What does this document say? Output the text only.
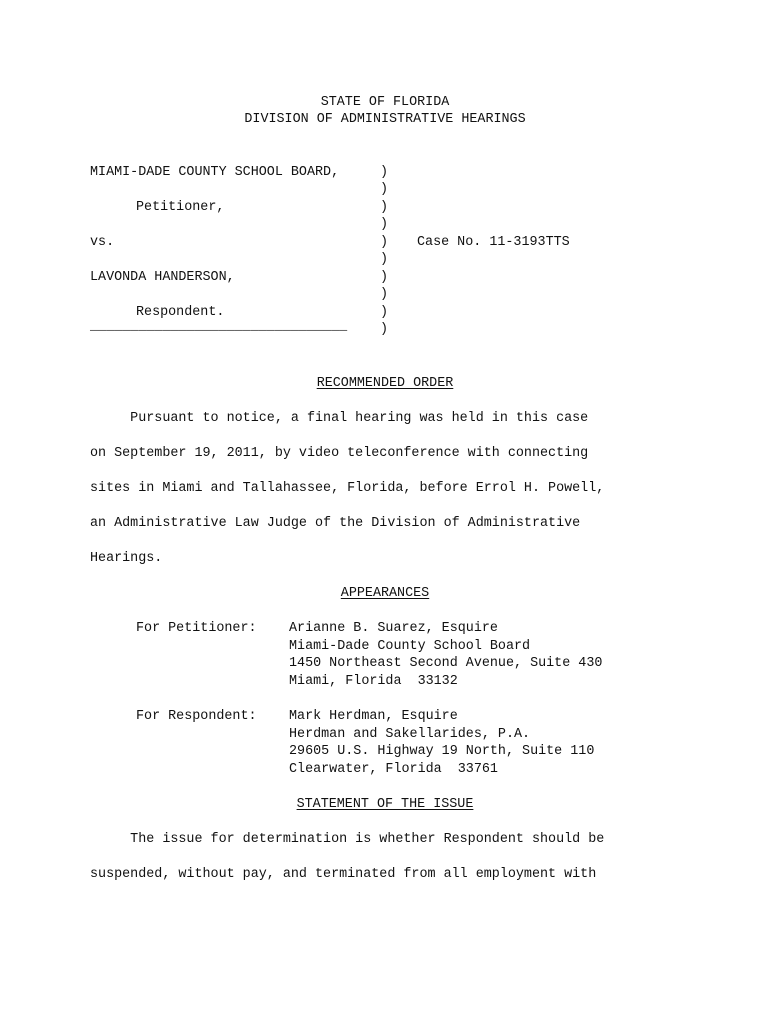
STATE OF FLORIDA
DIVISION OF ADMINISTRATIVE HEARINGS
MIAMI-DADE COUNTY SCHOOL BOARD,
Petitioner,
vs.
LAVONDA HANDERSON,
Respondent.
________________________________
)
)
)
)
)
)
)
)
)
)
Case No. 11-3193TTS
RECOMMENDED ORDER
Pursuant to notice, a final hearing was held in this case
on September 19, 2011, by video teleconference with connecting
sites in Miami and Tallahassee, Florida, before Errol H. Powell,
an Administrative Law Judge of the Division of Administrative
Hearings.
APPEARANCES
For Petitioner: Arianne B. Suarez, Esquire
Miami-Dade County School Board
1450 Northeast Second Avenue, Suite 430
Miami, Florida  33132
For Respondent: Mark Herdman, Esquire
Herdman and Sakellarides, P.A.
29605 U.S. Highway 19 North, Suite 110
Clearwater, Florida  33761
STATEMENT OF THE ISSUE
The issue for determination is whether Respondent should be
suspended, without pay, and terminated from all employment with
